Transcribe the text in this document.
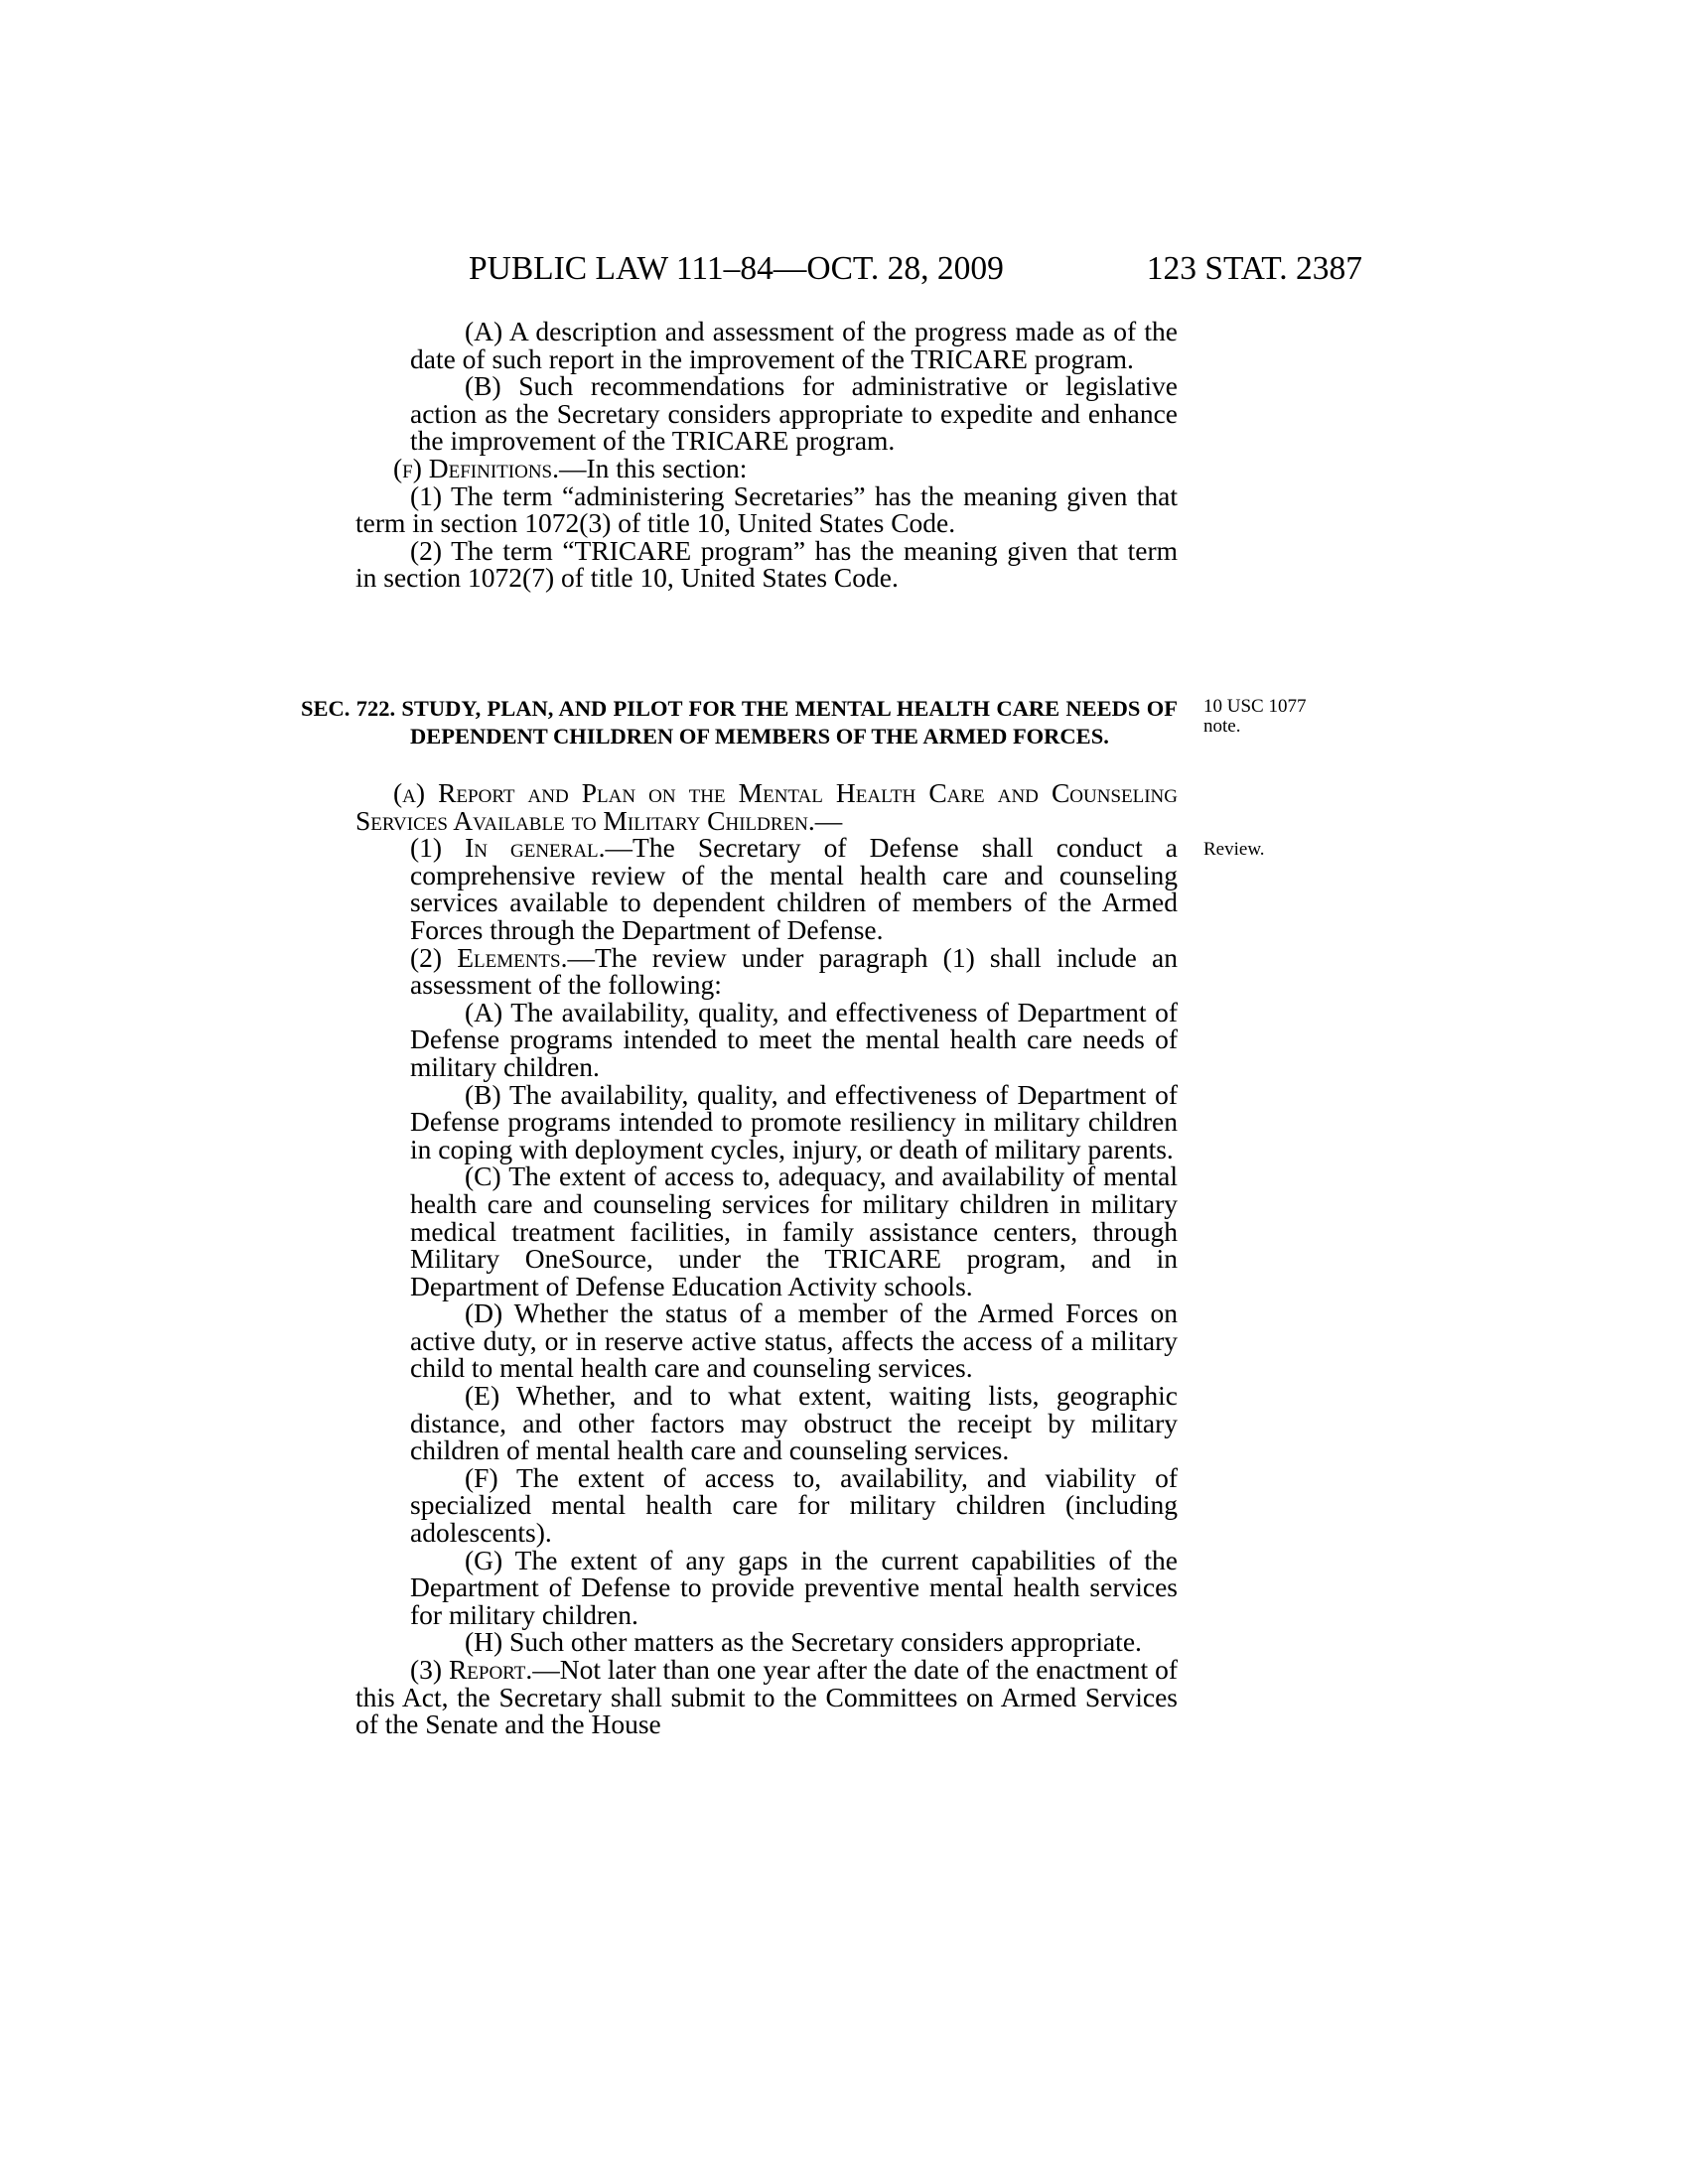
PUBLIC LAW 111–84—OCT. 28, 2009	123 STAT. 2387

(A) A description and assessment of the progress made as of the date of such report in the improvement of the TRICARE program.

(B) Such recommendations for administrative or legislative action as the Secretary considers appropriate to expedite and enhance the improvement of the TRICARE program.

(f) Definitions.—In this section:

(1) The term “administering Secretaries” has the meaning given that term in section 1072(3) of title 10, United States Code.

(2) The term “TRICARE program” has the meaning given that term in section 1072(7) of title 10, United States Code.

SEC. 722. STUDY, PLAN, AND PILOT FOR THE MENTAL HEALTH CARE NEEDS OF DEPENDENT CHILDREN OF MEMBERS OF THE ARMED FORCES.
10 USC 1077 note.
Review.

(a) Report and Plan on the Mental Health Care and Counseling Services Available to Military Children.—

(1) In general.—The Secretary of Defense shall conduct a comprehensive review of the mental health care and counseling services available to dependent children of members of the Armed Forces through the Department of Defense.

(2) Elements.—The review under paragraph (1) shall include an assessment of the following:

(A) The availability, quality, and effectiveness of Department of Defense programs intended to meet the mental health care needs of military children.

(B) The availability, quality, and effectiveness of Department of Defense programs intended to promote resiliency in military children in coping with deployment cycles, injury, or death of military parents.

(C) The extent of access to, adequacy, and availability of mental health care and counseling services for military children in military medical treatment facilities, in family assistance centers, through Military OneSource, under the TRICARE program, and in Department of Defense Education Activity schools.

(D) Whether the status of a member of the Armed Forces on active duty, or in reserve active status, affects the access of a military child to mental health care and counseling services.

(E) Whether, and to what extent, waiting lists, geographic distance, and other factors may obstruct the receipt by military children of mental health care and counseling services.

(F) The extent of access to, availability, and viability of specialized mental health care for military children (including adolescents).

(G) The extent of any gaps in the current capabilities of the Department of Defense to provide preventive mental health services for military children.

(H) Such other matters as the Secretary considers appropriate.

(3) Report.—Not later than one year after the date of the enactment of this Act, the Secretary shall submit to the Committees on Armed Services of the Senate and the House
